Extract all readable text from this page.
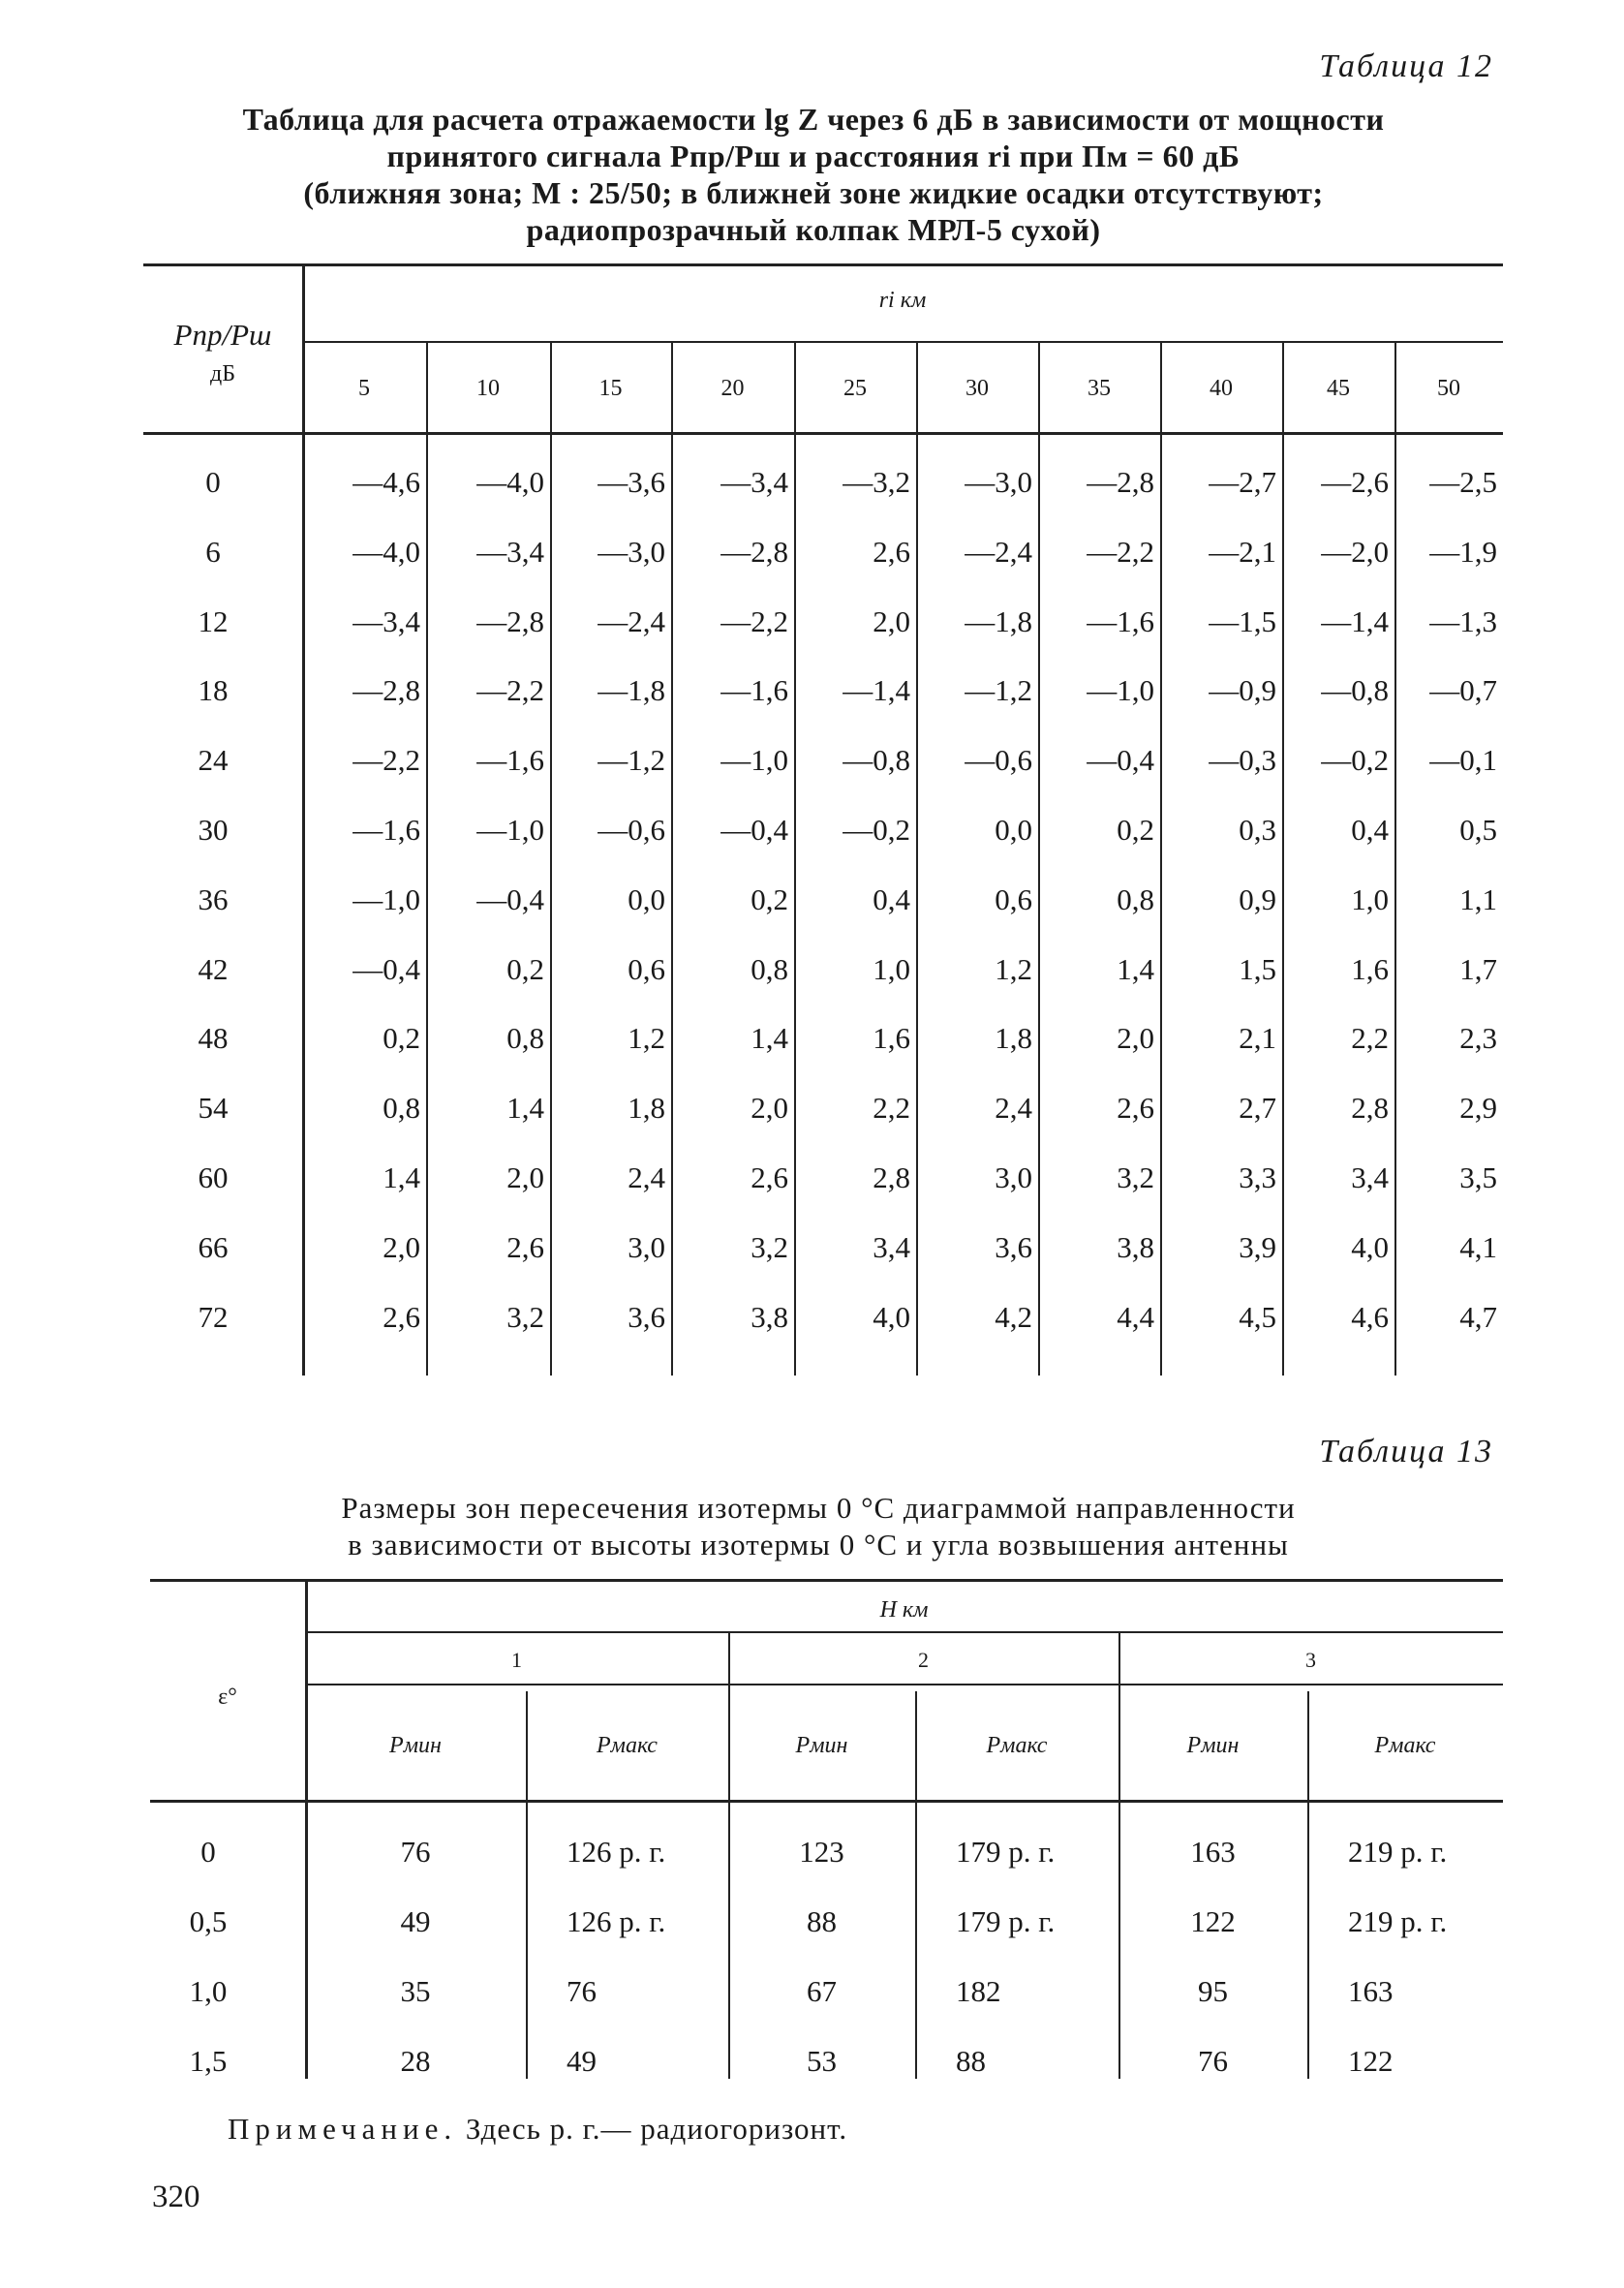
Таблица 12
Таблица для расчета отражаемости lg Z через 6 дБ в зависимости от мощности
принятого сигнала Pпр/Pш и расстояния ri при Пм = 60 дБ
(ближняя зона; M : 25/50; в ближней зоне жидкие осадки отсутствуют;
радиопрозрачный колпак МРЛ-5 сухой)
Pпр/Pш
дБ
ri км
5	10	15	20	25	30	35	40	45	50
0	—4,6	—4,0	—3,6	—3,4	—3,2	—3,0	—2,8	—2,7	—2,6	—2,5
6	—4,0	—3,4	—3,0	—2,8	2,6	—2,4	—2,2	—2,1	—2,0	—1,9
12	—3,4	—2,8	—2,4	—2,2	2,0	—1,8	—1,6	—1,5	—1,4	—1,3
18	—2,8	—2,2	—1,8	—1,6	—1,4	—1,2	—1,0	—0,9	—0,8	—0,7
24	—2,2	—1,6	—1,2	—1,0	—0,8	—0,6	—0,4	—0,3	—0,2	—0,1
30	—1,6	—1,0	—0,6	—0,4	—0,2	0,0	0,2	0,3	0,4	0,5
36	—1,0	—0,4	0,0	0,2	0,4	0,6	0,8	0,9	1,0	1,1
42	—0,4	0,2	0,6	0,8	1,0	1,2	1,4	1,5	1,6	1,7
48	0,2	0,8	1,2	1,4	1,6	1,8	2,0	2,1	2,2	2,3
54	0,8	1,4	1,8	2,0	2,2	2,4	2,6	2,7	2,8	2,9
60	1,4	2,0	2,4	2,6	2,8	3,0	3,2	3,3	3,4	3,5
66	2,0	2,6	3,0	3,2	3,4	3,6	3,8	3,9	4,0	4,1
72	2,6	3,2	3,6	3,8	4,0	4,2	4,4	4,5	4,6	4,7
Таблица 13
Размеры зон пересечения изотермы 0 °С диаграммой направленности
в зависимости от высоты изотермы 0 °С и угла возвышения антенны
ε°
H км
1	2	3
Pмин	Pмакс	Pмин	Pмакс	Pмин	Pмакс
0	76	126 р. г.	123	179 р. г.	163	219 р. г.
0,5	49	126 р. г.	88	179 р. г.	122	219 р. г.
1,0	35	76	67	182	95	163
1,5	28	49	53	88	76	122
Примечание. Здесь р. г.— радиогоризонт.
320
